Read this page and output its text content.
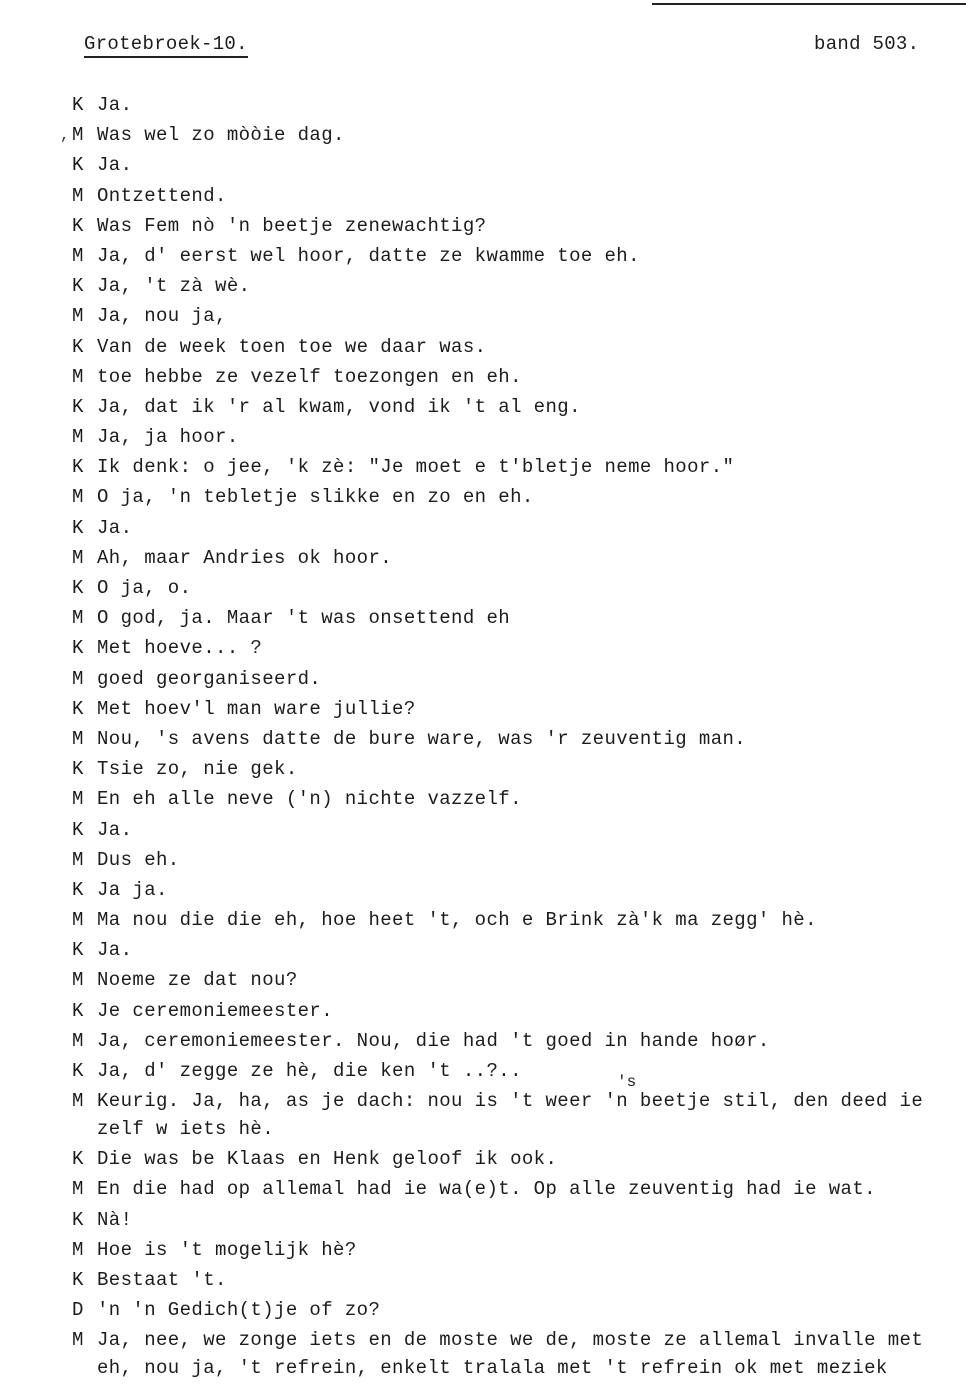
Grotebroek-10.	band 503.
,
K Ja.
M Was wel zo mòòie dag.
K Ja.
M Ontzettend.
K Was Fem nò 'n beetje zenewachtig?
M Ja, d' eerst wel hoor, datte ze kwamme toe eh.
K Ja, 't zà wè.
M Ja, nou ja,
K Van de week toen toe we daar was.
M toe hebbe ze vezelf toezongen en eh.
K Ja, dat ik 'r al kwam, vond ik 't al eng.
M Ja, ja hoor.
K Ik denk: o jee, 'k zè: "Je moet e t'bletje neme hoor."
M O ja, 'n tebletje slikke en zo en eh.
K Ja.
M Ah, maar Andries ok hoor.
K O ja, o.
M O god, ja. Maar 't was onsettend eh
K Met hoeve... ?
M goed georganiseerd.
K Met hoev'l man ware jullie?
M Nou, 's avens datte de bure ware, was 'r zeuventig man.
K Tsie zo, nie gek.
M En eh alle neve ('n) nichte vazzelf.
K Ja.
M Dus eh.
K Ja ja.
M Ma nou die die eh, hoe heet 't, och e Brink zà'k ma zegg' hè.
K Ja.
M Noeme ze dat nou?
K Je ceremoniemeester.
M Ja, ceremoniemeester. Nou, die had 't goed in hande hoør.
K Ja, d' zegge ze hè, die ken 't ..?..
M Keurig. Ja, ha, as je dach: nou is 't weer 'n beetje stil, den deed ie zelf w iets hè.
K Die was be Klaas en Henk geloof ik ook.
M En die had op allemal had ie wa(e)t. Op alle zeuventig had ie wat.
K Nà!
M Hoe is 't mogelijk hè?
K Bestaat 't.
D 'n 'n Gedich(t)je of zo?
M Ja, nee, we zonge iets en de moste we de, moste ze allemal invalle met eh, nou ja, 't refrein, enkelt tralala met 't refrein ok met meziek
's
